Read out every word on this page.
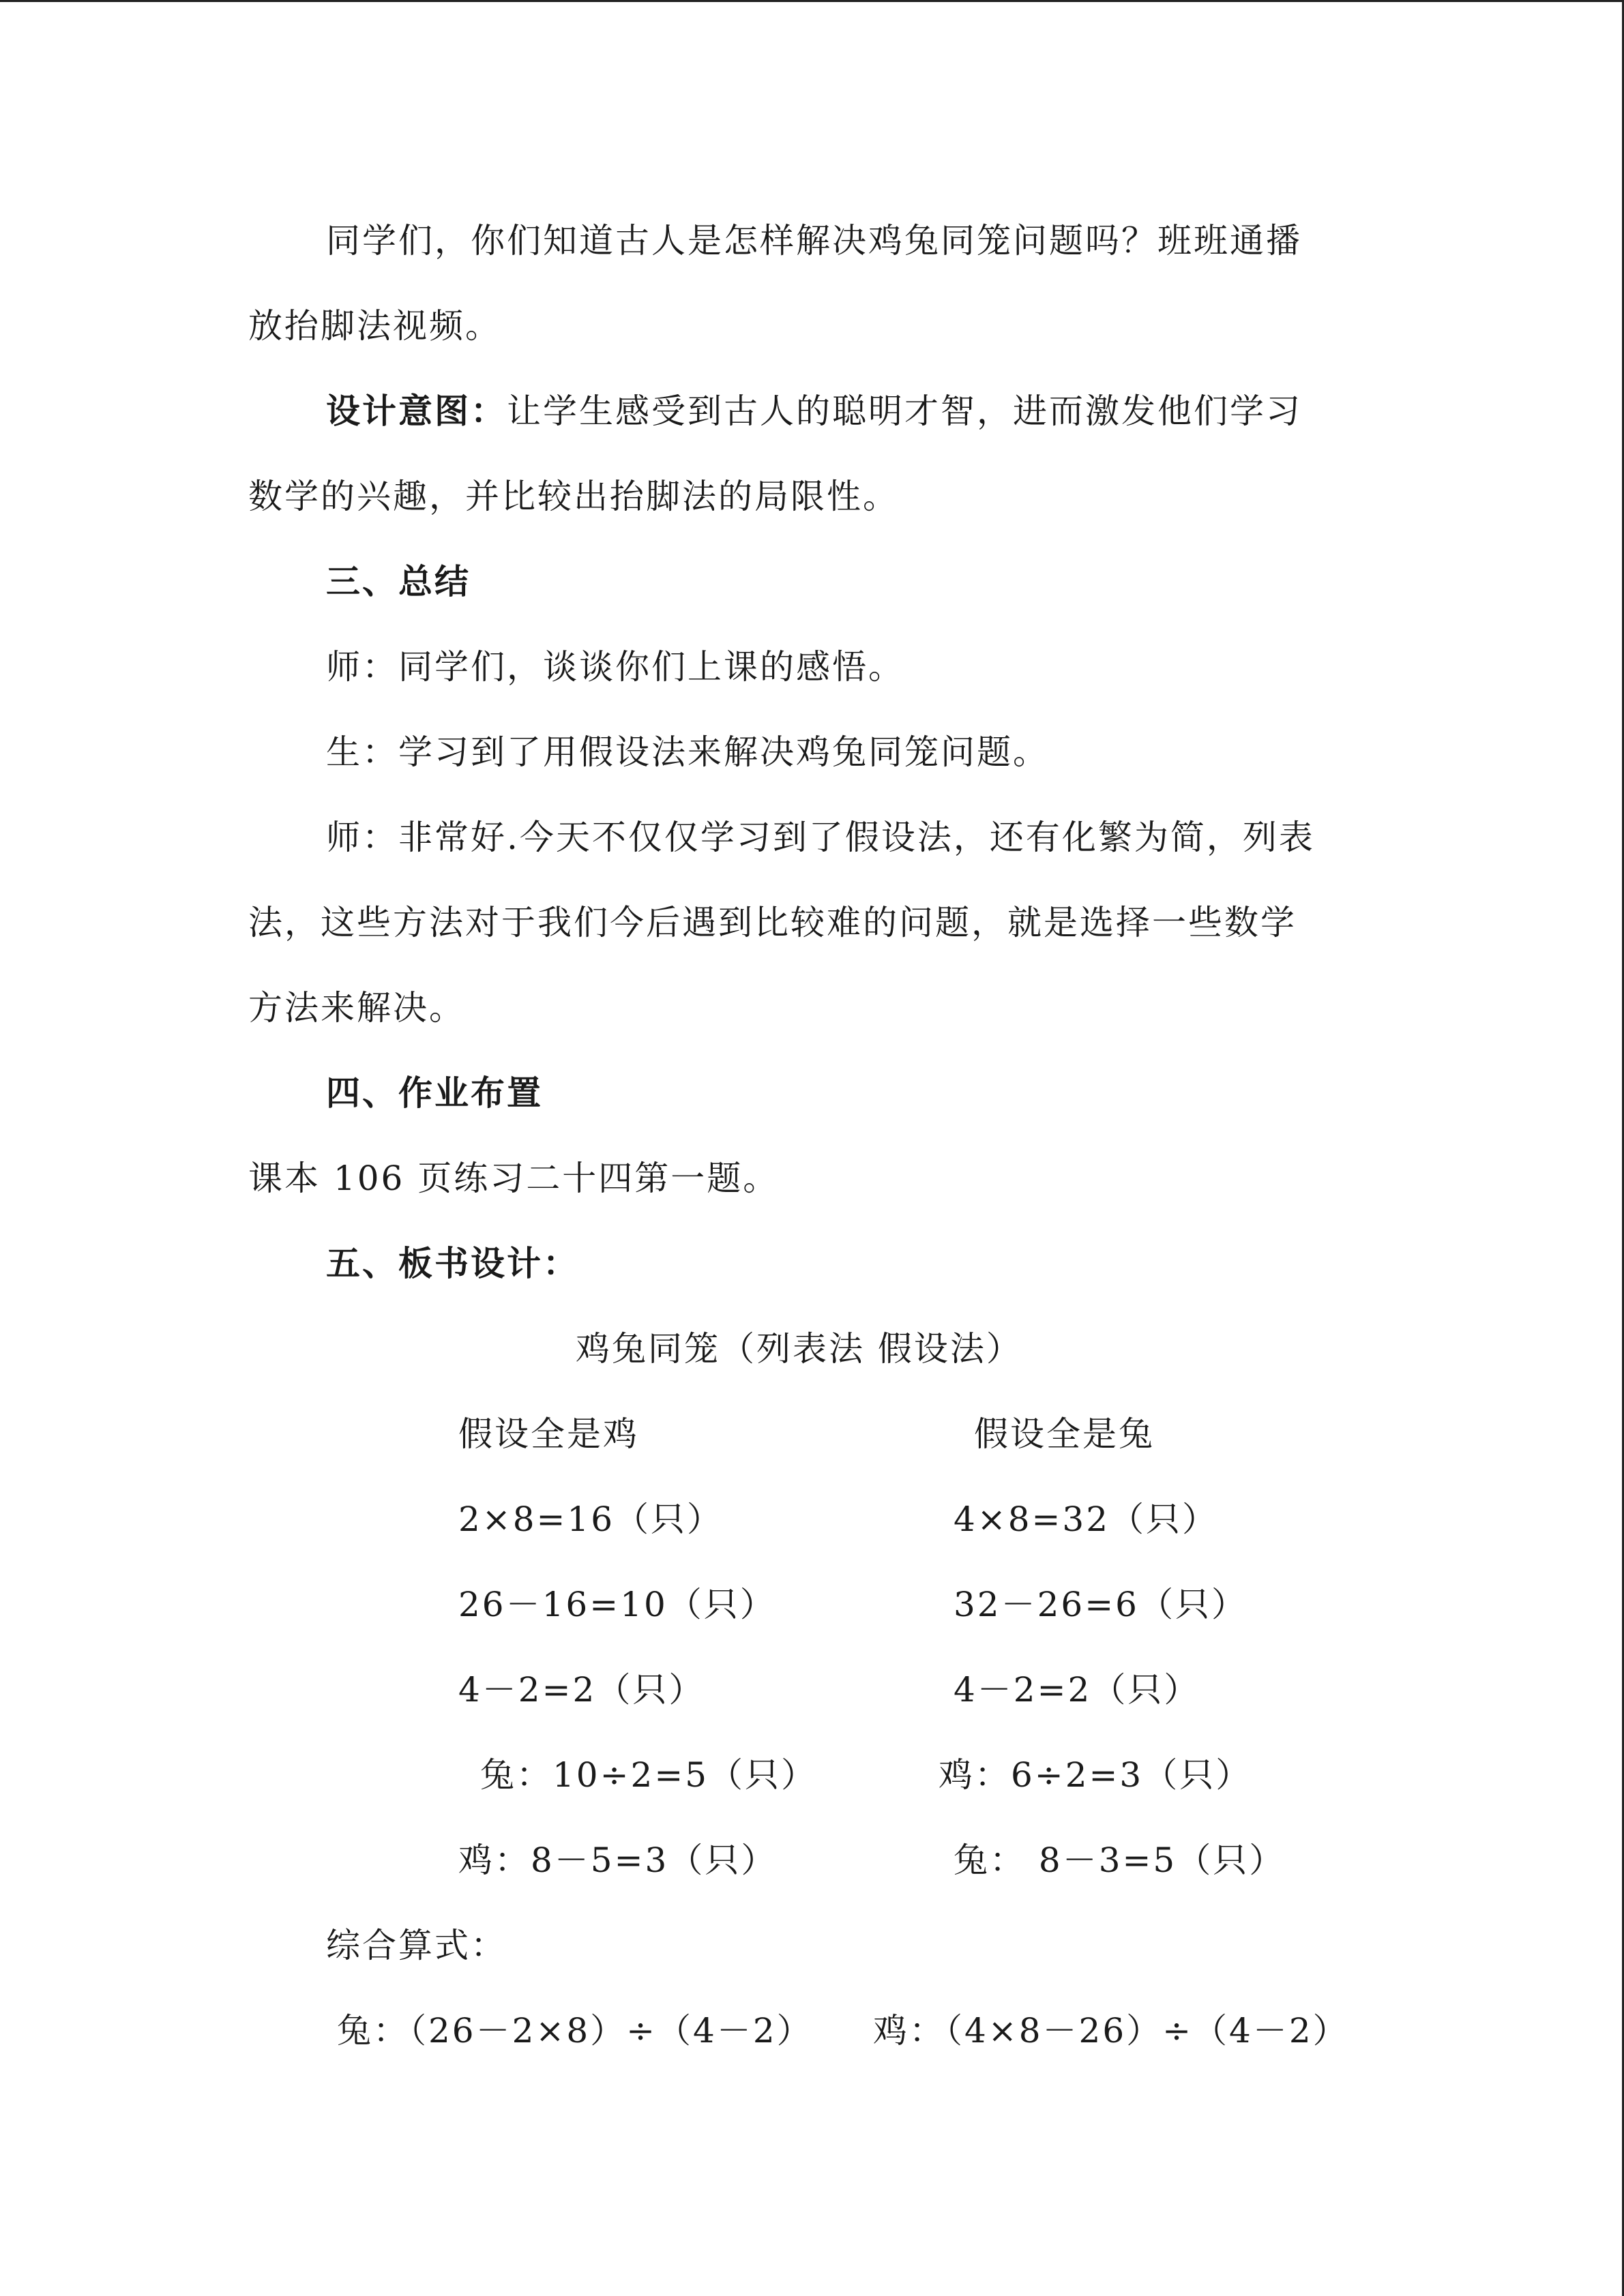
同学们，你们知道古人是怎样解决鸡兔同笼问题吗？班班通播
放抬脚法视频。
设计意图：让学生感受到古人的聪明才智，进而激发他们学习
数学的兴趣，并比较出抬脚法的局限性。
三、总结
师：同学们，谈谈你们上课的感悟。
生：学习到了用假设法来解决鸡兔同笼问题。
师：非常好.今天不仅仅学习到了假设法，还有化繁为简，列表
法，这些方法对于我们今后遇到比较难的问题，就是选择一些数学
方法来解决。
四、作业布置
课本 106 页练习二十四第一题。
五、板书设计：
鸡兔同笼（列表法 假设法）
假设全是鸡	假设全是兔
2×8=16（只）	4×8=32（只）
26－16=10（只）	32－26=6（只）
4－2=2（只）	4－2=2（只）
兔：10÷2=5（只）	鸡：6÷2=3（只）
鸡：8－5=3（只）	兔： 8－3=5（只）
综合算式：
兔：（26－2×8）÷（4－2） 鸡：（4×8－26）÷（4－2）
